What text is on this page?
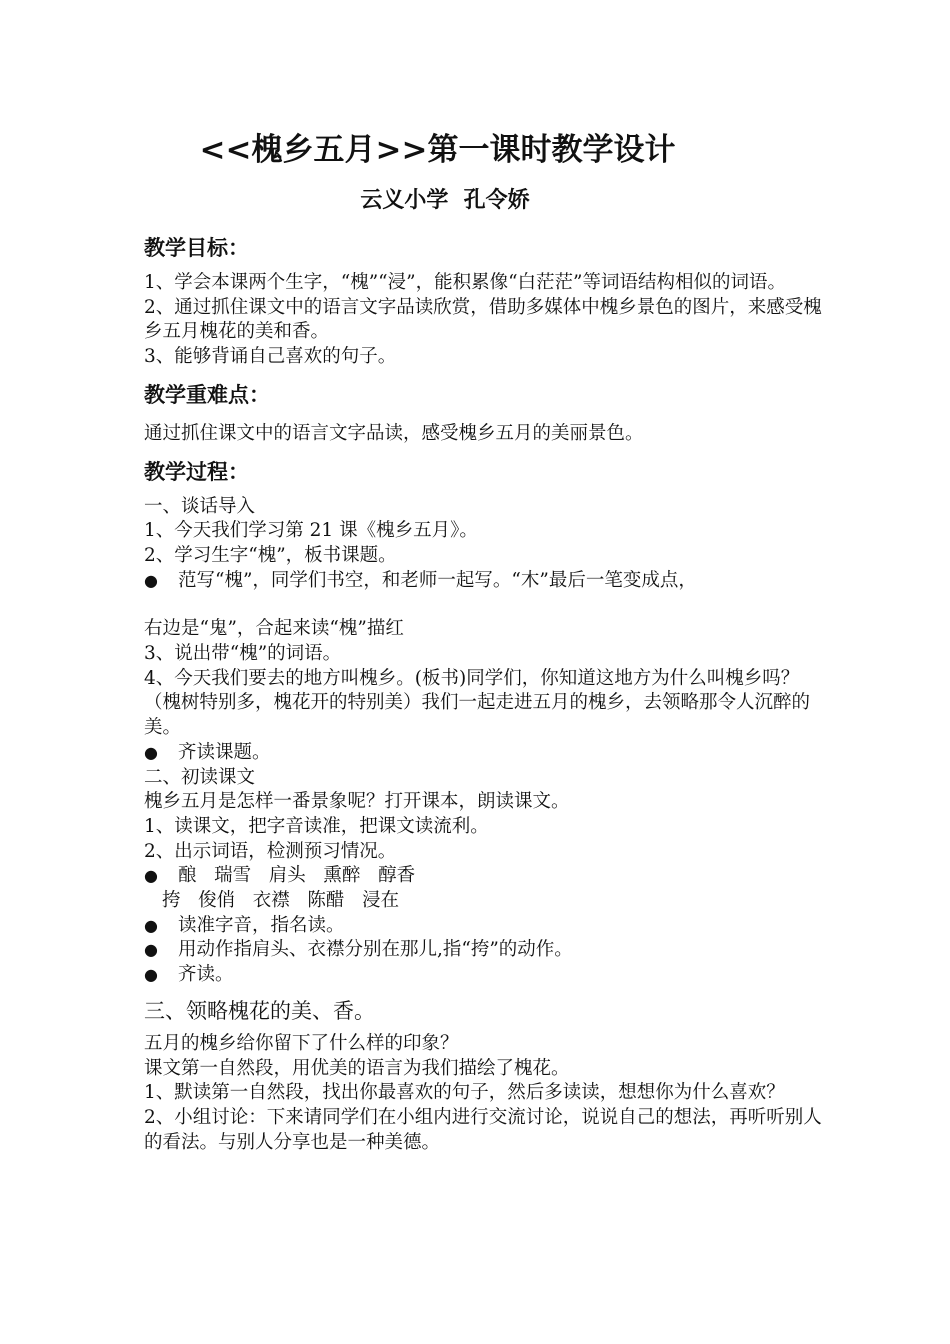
<<槐乡五月>>第一课时教学设计
云义小学  孔令娇

教学目标：

1、学会本课两个生字，“槐”“浸”，能积累像“白茫茫”等词语结构相似的词语。

2、通过抓住课文中的语言文字品读欣赏，借助多媒体中槐乡景色的图片，来感受槐乡五月槐花的美和香。

3、能够背诵自己喜欢的句子。

教学重难点：

通过抓住课文中的语言文字品读，感受槐乡五月的美丽景色。

教学过程：

一、谈话导入

1、今天我们学习第 21 课《槐乡五月》。

2、学习生字“槐”，板书课题。

● 范写“槐”，同学们书空，和老师一起写。“木”最后一笔变成点，

右边是“鬼”，合起来读“槐”描红

3、说出带“槐”的词语。

4、今天我们要去的地方叫槐乡。(板书)同学们，你知道这地方为什么叫槐乡吗？（槐树特别多，槐花开的特别美）我们一起走进五月的槐乡，去领略那令人沉醉的美。

● 齐读课题。

二、初读课文

槐乡五月是怎样一番景象呢？打开课本，朗读课文。

1、读课文，把字音读准，把课文读流利。

2、出示词语，检测预习情况。

● 酿   瑞雪   肩头   熏醉   醇香

挎   俊俏   衣襟   陈醋   浸在

● 读准字音，指名读。

● 用动作指肩头、衣襟分别在那儿,指“挎”的动作。

● 齐读。

三、领略槐花的美、香。

五月的槐乡给你留下了什么样的印象？

课文第一自然段，用优美的语言为我们描绘了槐花。

1、默读第一自然段，找出你最喜欢的句子，然后多读读，想想你为什么喜欢？

2、小组讨论：下来请同学们在小组内进行交流讨论，说说自己的想法，再听听别人的看法。与别人分享也是一种美德。
